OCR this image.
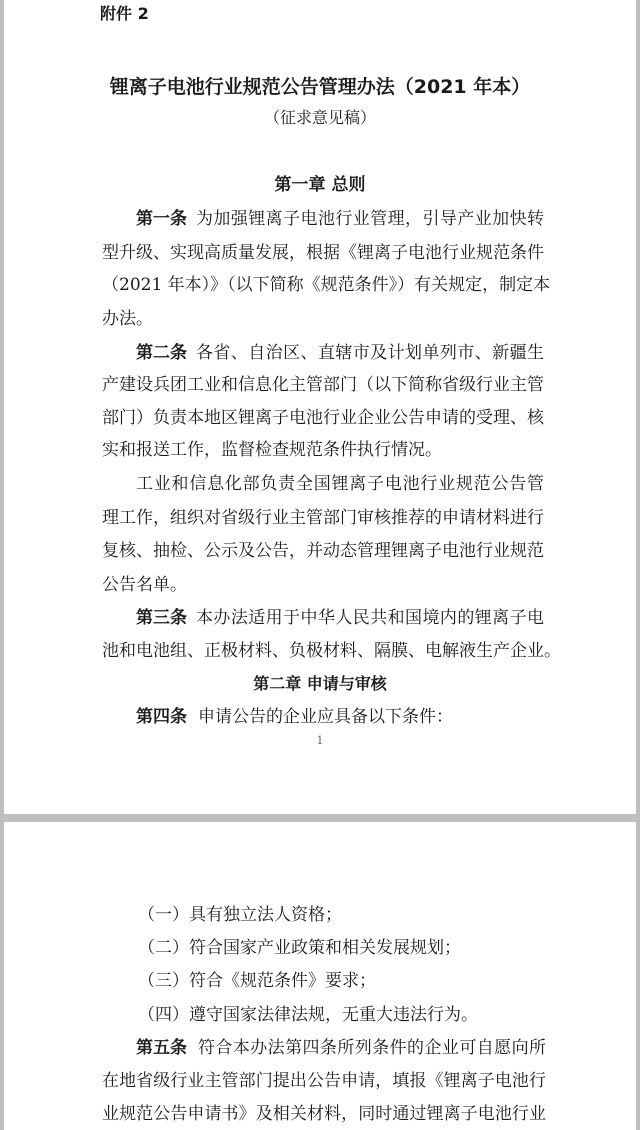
附件 2
锂离子电池行业规范公告管理办法（2021 年本）
（征求意见稿）
第一章 总则
第一条 为加强锂离子电池行业管理，引导产业加快转
型升级、实现高质量发展，根据《锂离子电池行业规范条件
（2021 年本）》（以下简称《规范条件》）有关规定，制定本
办法。
第二条 各省、自治区、直辖市及计划单列市、新疆生
产建设兵团工业和信息化主管部门（以下简称省级行业主管
部门）负责本地区锂离子电池行业企业公告申请的受理、核
实和报送工作，监督检查规范条件执行情况。
工业和信息化部负责全国锂离子电池行业规范公告管
理工作，组织对省级行业主管部门审核推荐的申请材料进行
复核、抽检、公示及公告，并动态管理锂离子电池行业规范
公告名单。
第三条 本办法适用于中华人民共和国境内的锂离子电
池和电池组、正极材料、负极材料、隔膜、电解液生产企业。
第二章 申请与审核
第四条 申请公告的企业应具备以下条件：
1
（一）具有独立法人资格；
（二）符合国家产业政策和相关发展规划；
（三）符合《规范条件》要求；
（四）遵守国家法律法规，无重大违法行为。
第五条 符合本办法第四条所列条件的企业可自愿向所
在地省级行业主管部门提出公告申请，填报《锂离子电池行
业规范公告申请书》及相关材料，同时通过锂离子电池行业
